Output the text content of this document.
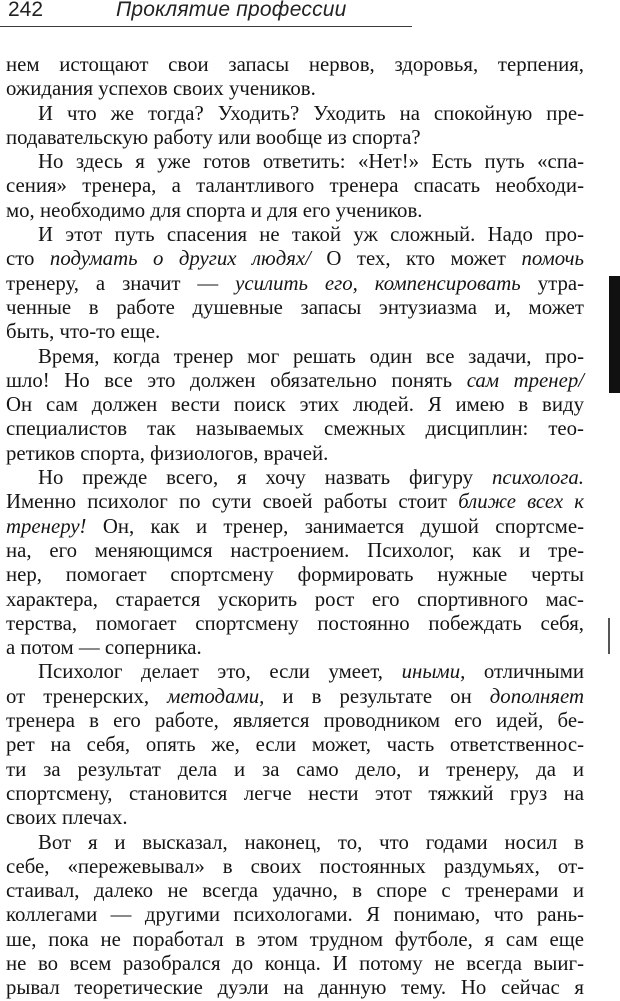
242	Проклятие профессии
нем истощают свои запасы нервов, здоровья, терпения,
ожидания успехов своих учеников.
И что же тогда? Уходить? Уходить на спокойную пре-
подавательскую работу или вообще из спорта?
Но здесь я уже готов ответить: «Нет!» Есть путь «спа-
сения» тренера, а талантливого тренера спасать необходи-
мо, необходимо для спорта и для его учеников.
И этот путь спасения не такой уж сложный. Надо про-
сто подумать о других людях/ О тех, кто может помочь
тренеру, а значит — усилить его, компенсировать утра-
ченные в работе душевные запасы энтузиазма и, может
быть, что-то еще.
Время, когда тренер мог решать один все задачи, про-
шло! Но все это должен обязательно понять сам тренер/
Он сам должен вести поиск этих людей. Я имею в виду
специалистов так называемых смежных дисциплин: тео-
ретиков спорта, физиологов, врачей.
Но прежде всего, я хочу назвать фигуру психолога.
Именно психолог по сути своей работы стоит ближе всех к
тренеру! Он, как и тренер, занимается душой спортсме-
на, его меняющимся настроением. Психолог, как и тре-
нер, помогает спортсмену формировать нужные черты
характера, старается ускорить рост его спортивного мас-
терства, помогает спортсмену постоянно побеждать себя,
а потом — соперника.
Психолог делает это, если умеет, иными, отличными
от тренерских, методами, и в результате он дополняет
тренера в его работе, является проводником его идей, бе-
рет на себя, опять же, если может, часть ответственнос-
ти за результат дела и за само дело, и тренеру, да и
спортсмену, становится легче нести этот тяжкий груз на
своих плечах.
Вот я и высказал, наконец, то, что годами носил в
себе, «пережевывал» в своих постоянных раздумьях, от-
стаивал, далеко не всегда удачно, в споре с тренерами и
коллегами — другими психологами. Я понимаю, что рань-
ше, пока не поработал в этом трудном футболе, я сам еще
не во всем разобрался до конца. И потому не всегда выиг-
рывал теоретические дуэли на данную тему. Но сейчас я
